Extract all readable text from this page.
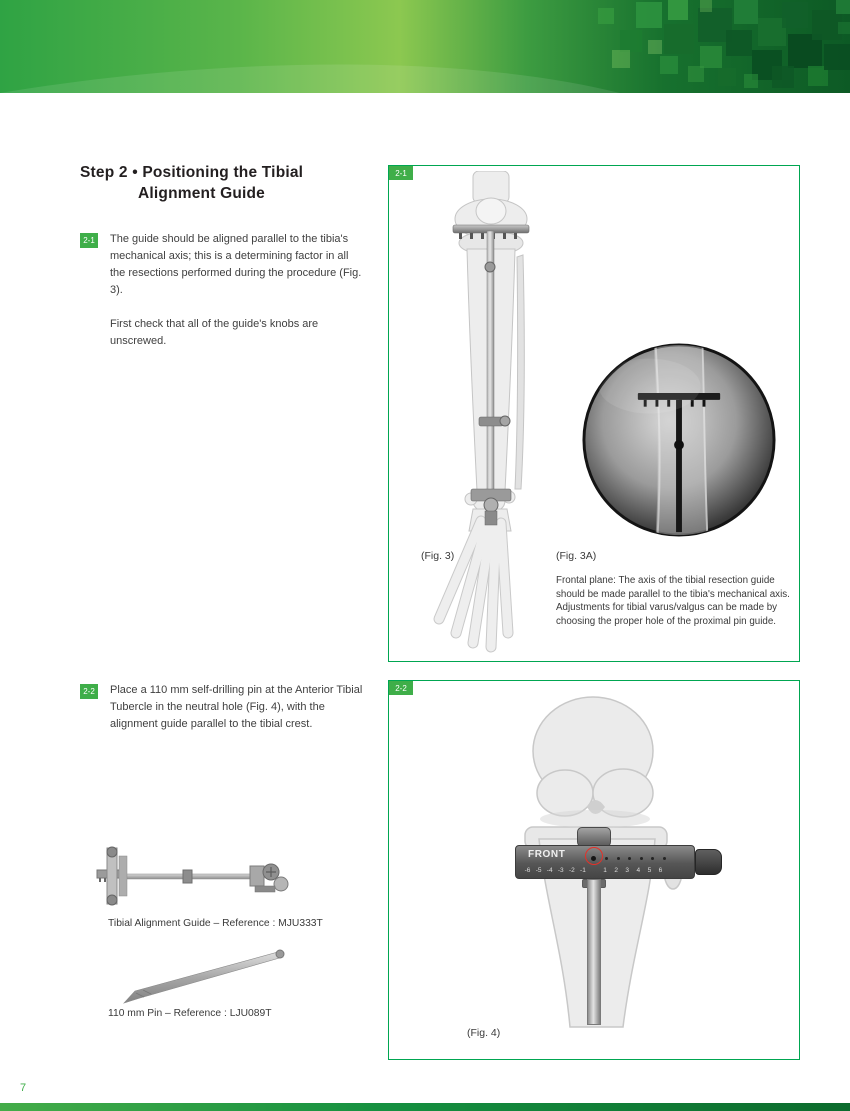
Step 2 • Positioning the Tibial
Alignment Guide
2-1 The guide should be aligned parallel to the tibia's mechanical axis; this is a determining factor in all the resections performed during the procedure (Fig. 3).

First check that all of the guide's knobs are unscrewed.

2-2 Place a 110 mm self-drilling pin at the Anterior Tibial Tubercle in the neutral hole (Fig. 4), with the alignment guide parallel to the tibial crest.

Tibial Alignment Guide – Reference : MJU333T
110 mm Pin – Reference : LJU089T
2-1
(Fig. 3)	(Fig. 3A)
Frontal plane: The axis of the tibial resection guide should be made parallel to the tibia's mechanical axis. Adjustments for tibial varus/valgus can be made by choosing the proper hole of the proximal pin guide.
2-2
FRONT
-6 -5 -4 -3 -2 -1	1	2	3	4	5	6
(Fig. 4)
7
